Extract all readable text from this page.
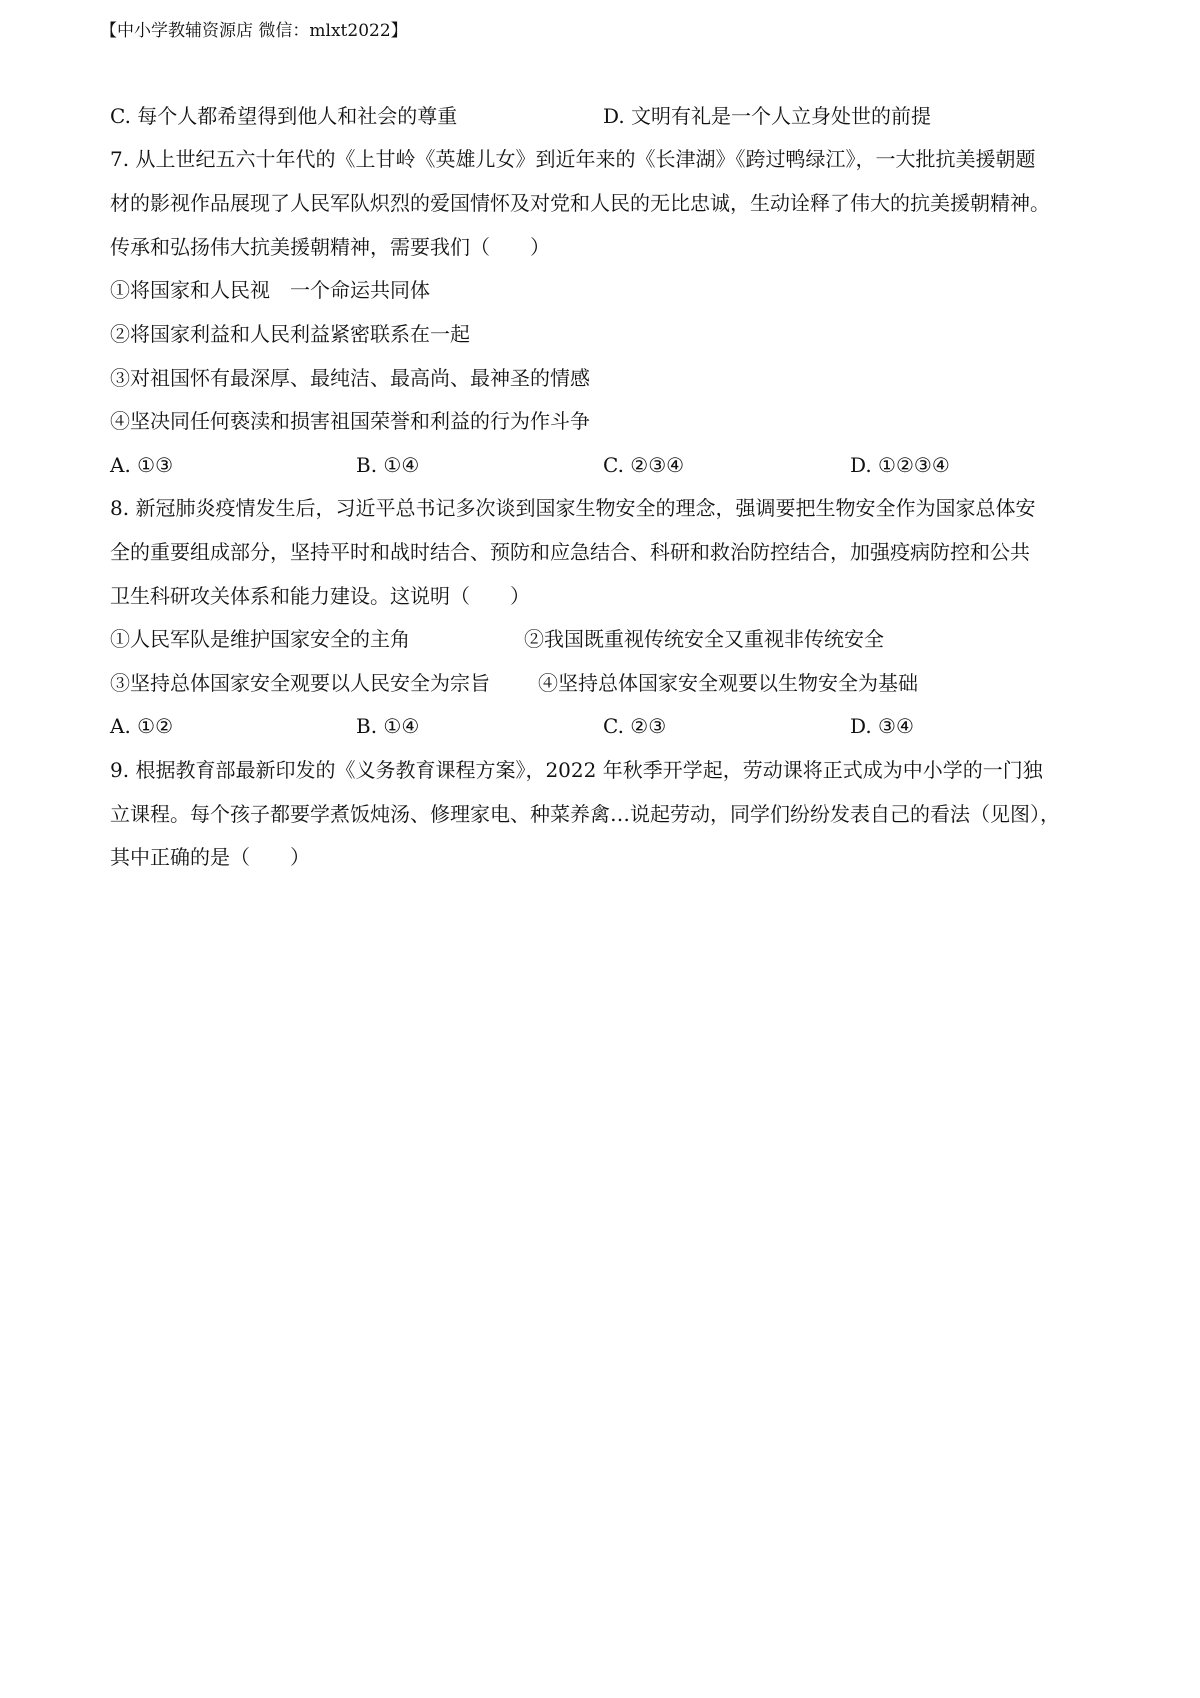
【中小学教辅资源店 微信：mlxt2022】
C. 每个人都希望得到他人和社会的尊重	D. 文明有礼是一个人立身处世的前提
7. 从上世纪五六十年代的《上甘岭《英雄儿女》到近年来的《长津湖》《跨过鸭绿江》，一大批抗美援朝题
材的影视作品展现了人民军队炽烈的爱国情怀及对党和人民的无比忠诚，生动诠释了伟大的抗美援朝精神。
传承和弘扬伟大抗美援朝精神，需要我们（　　）
①将国家和人民视　一个命运共同体
②将国家利益和人民利益紧密联系在一起
③对祖国怀有最深厚、最纯洁、最高尚、最神圣的情感
④坚决同任何亵渎和损害祖国荣誉和利益的行为作斗争
A. ①③	B. ①④	C. ②③④	D. ①②③④
8. 新冠肺炎疫情发生后，习近平总书记多次谈到国家生物安全的理念，强调要把生物安全作为国家总体安
全的重要组成部分，坚持平时和战时结合、预防和应急结合、科研和救治防控结合，加强疫病防控和公共
卫生科研攻关体系和能力建设。这说明（　　）
①人民军队是维护国家安全的主角	②我国既重视传统安全又重视非传统安全
③坚持总体国家安全观要以人民安全为宗旨 ④坚持总体国家安全观要以生物安全为基础
A. ①②	B. ①④	C. ②③	D. ③④
9. 根据教育部最新印发的《义务教育课程方案》，2022 年秋季开学起，劳动课将正式成为中小学的一门独
立课程。每个孩子都要学煮饭炖汤、修理家电、种菜养禽…说起劳动，同学们纷纷发表自己的看法（见图），
其中正确的是（　　）
